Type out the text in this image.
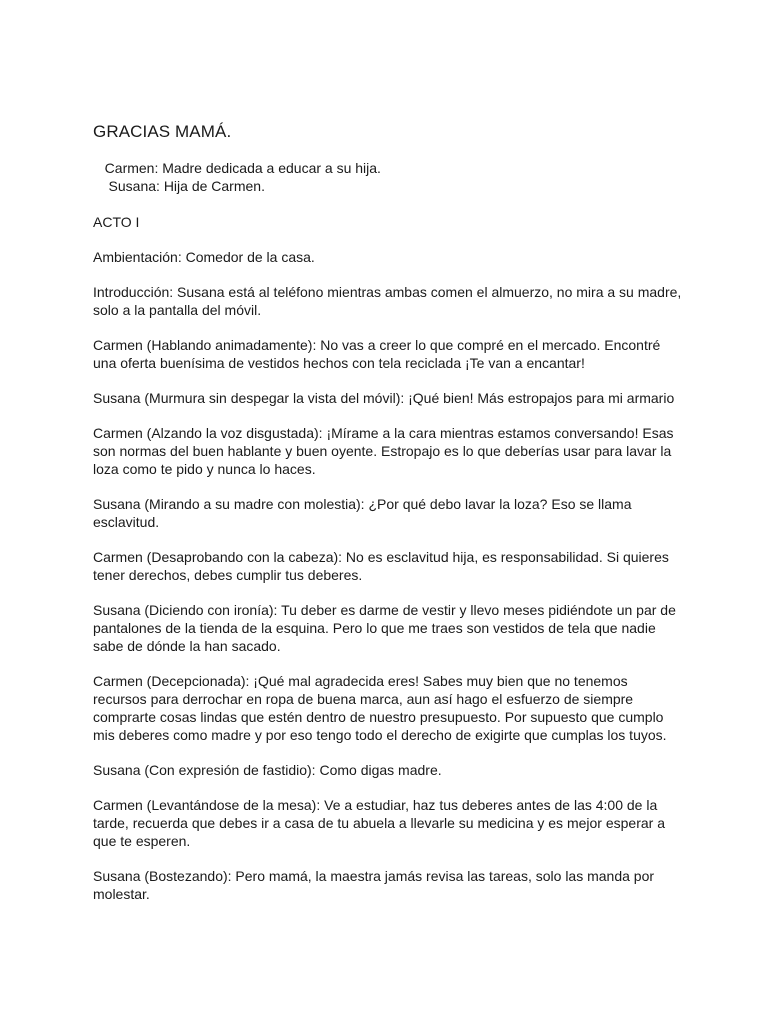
GRACIAS MAMÁ.
Carmen: Madre dedicada a educar a su hija.
Susana: Hija de Carmen.

ACTO I

Ambientación: Comedor de la casa.

Introducción: Susana está al teléfono mientras ambas comen el almuerzo, no mira a su madre, solo a la pantalla del móvil.

Carmen (Hablando animadamente): No vas a creer lo que compré en el mercado. Encontré una oferta buenísima de vestidos hechos con tela reciclada ¡Te van a encantar!

Susana (Murmura sin despegar la vista del móvil): ¡Qué bien! Más estropajos para mi armario

Carmen (Alzando la voz disgustada): ¡Mírame a la cara mientras estamos conversando! Esas son normas del buen hablante y buen oyente. Estropajo es lo que deberías usar para lavar la loza como te pido y nunca lo haces.

Susana (Mirando a su madre con molestia): ¿Por qué debo lavar la loza? Eso se llama esclavitud.

Carmen (Desaprobando con la cabeza): No es esclavitud hija, es responsabilidad. Si quieres tener derechos, debes cumplir tus deberes.

Susana (Diciendo con ironía): Tu deber es darme de vestir y llevo meses pidiéndote un par de pantalones de la tienda de la esquina. Pero lo que me traes son vestidos de tela que nadie sabe de dónde la han sacado.

Carmen (Decepcionada): ¡Qué mal agradecida eres! Sabes muy bien que no tenemos recursos para derrochar en ropa de buena marca, aun así hago el esfuerzo de siempre comprarte cosas lindas que estén dentro de nuestro presupuesto. Por supuesto que cumplo mis deberes como madre y por eso tengo todo el derecho de exigirte que cumplas los tuyos.

Susana (Con expresión de fastidio): Como digas madre.

Carmen (Levantándose de la mesa): Ve a estudiar, haz tus deberes antes de las 4:00 de la tarde, recuerda que debes ir a casa de tu abuela a llevarle su medicina y es mejor esperar a que te esperen.

Susana (Bostezando): Pero mamá, la maestra jamás revisa las tareas, solo las manda por molestar.
